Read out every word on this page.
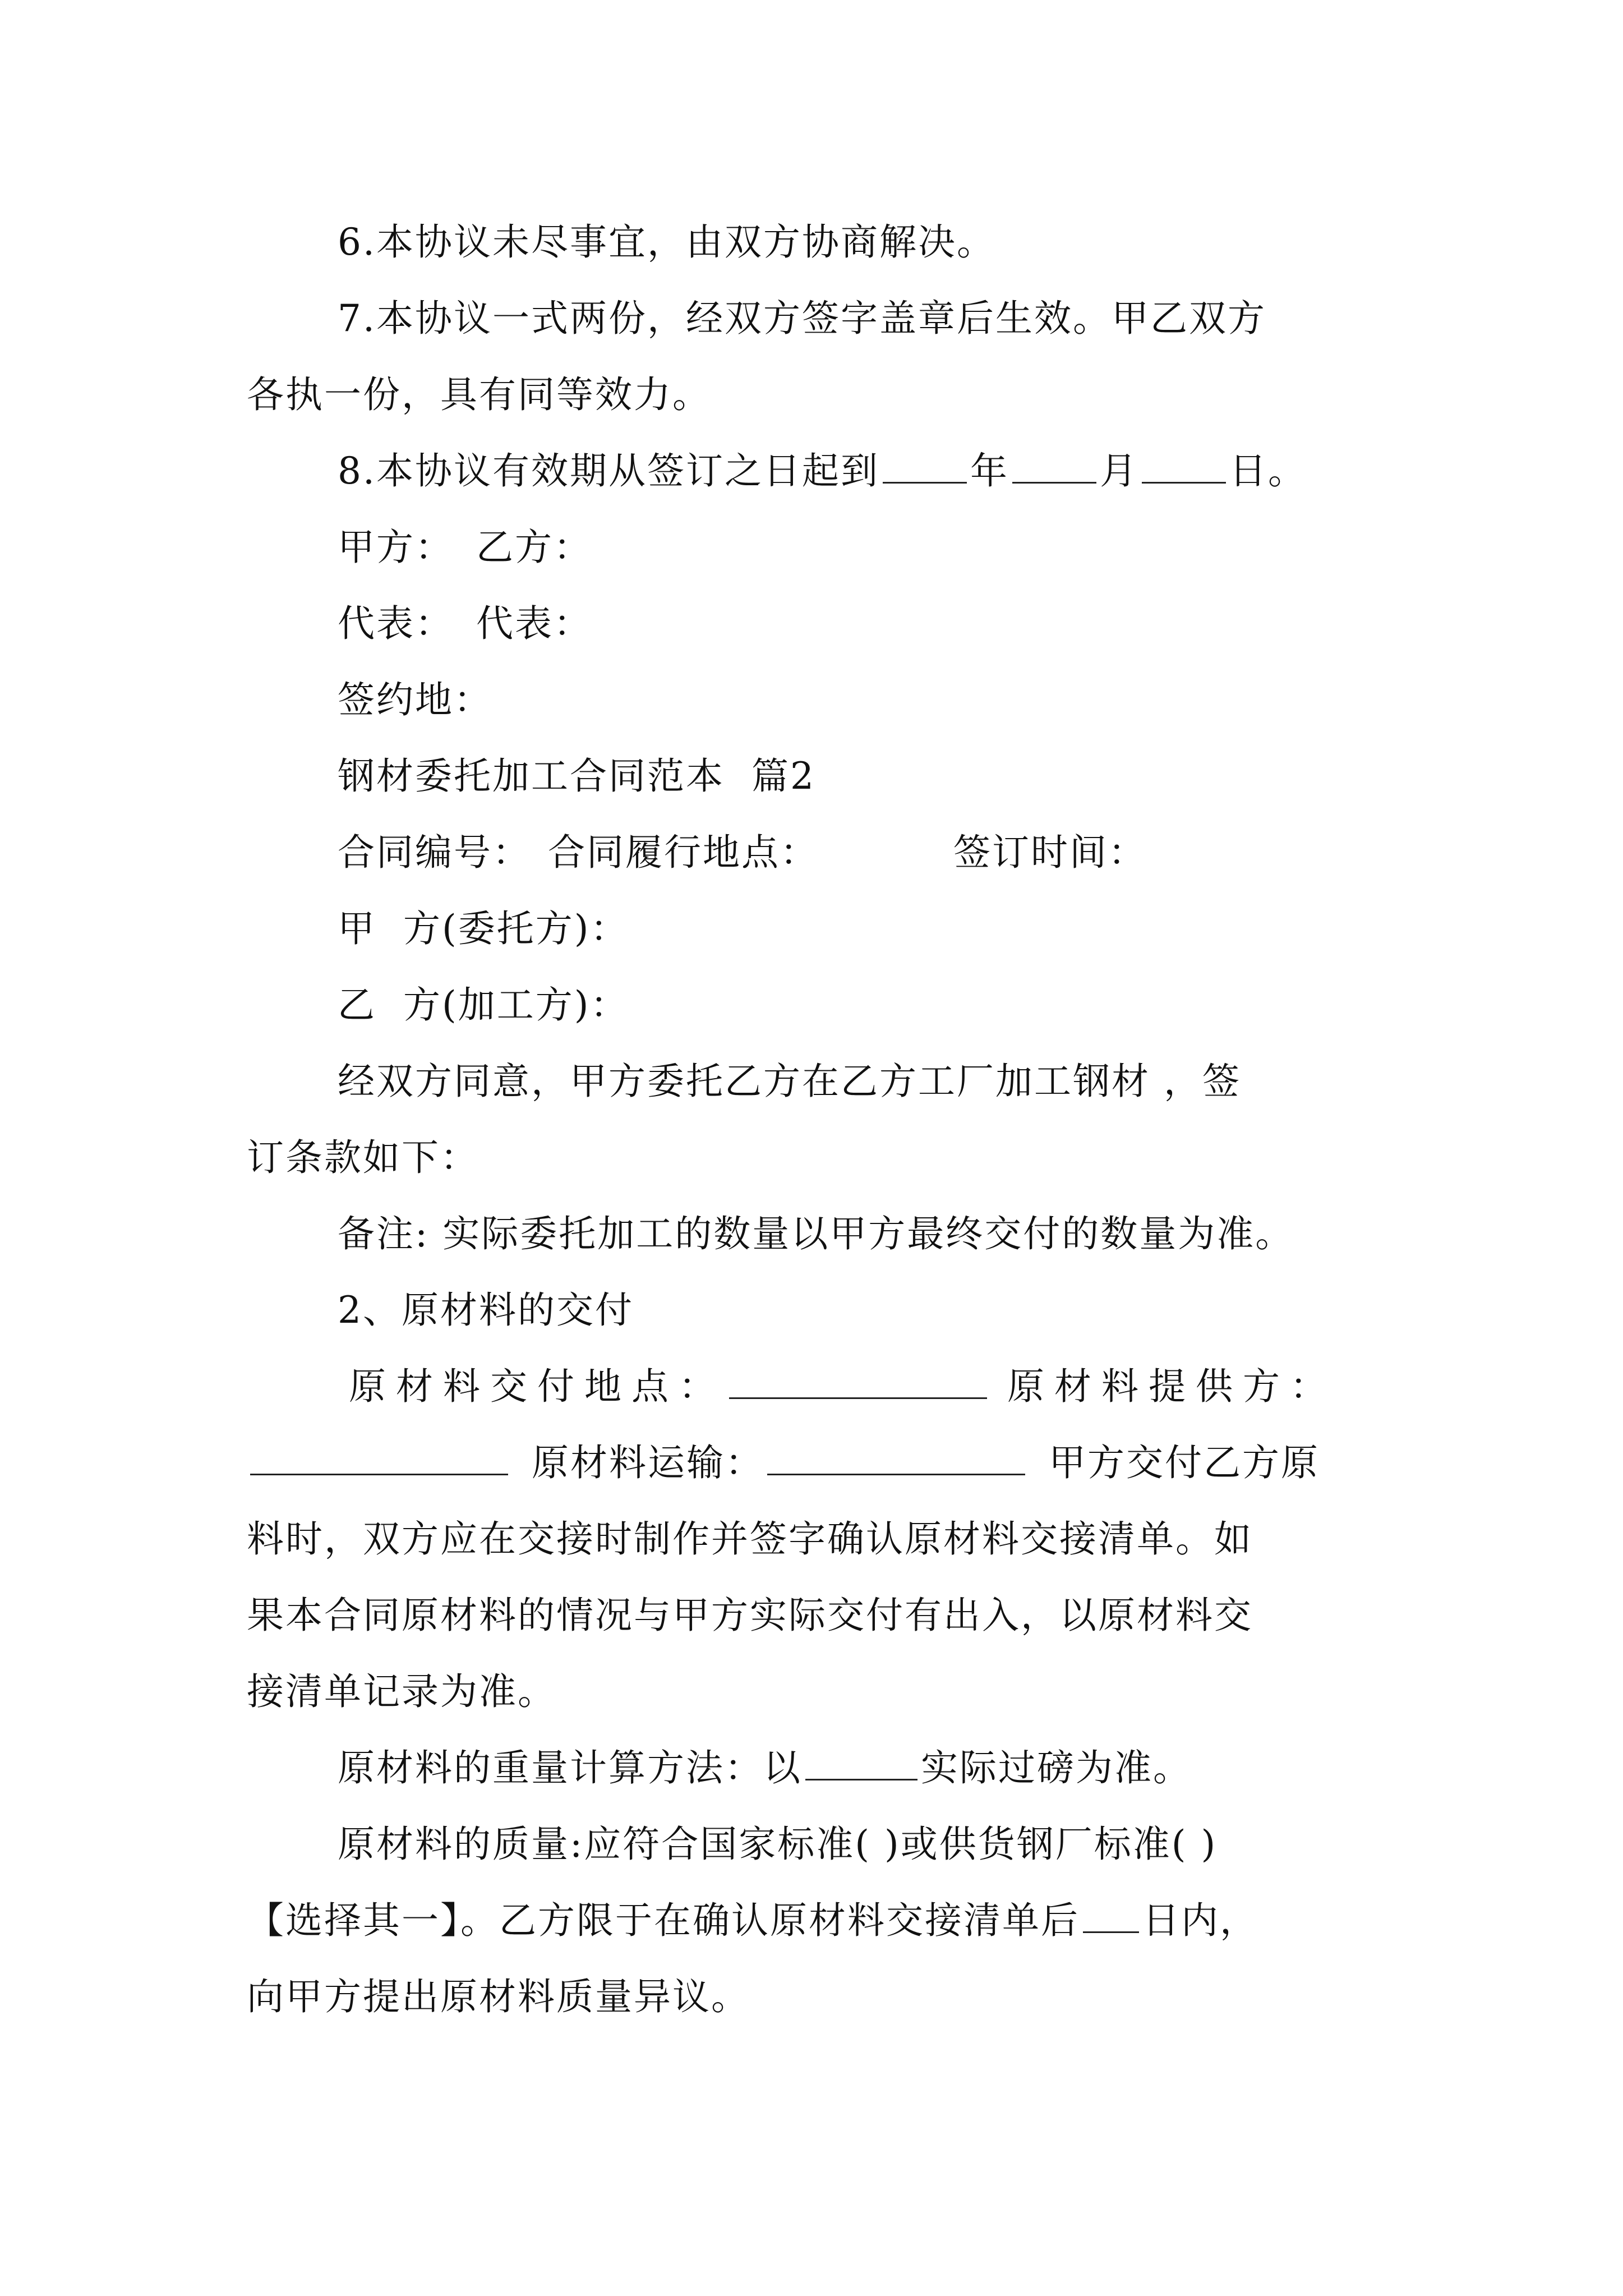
6.本协议未尽事宜，由双方协商解决。
7.本协议一式两份，经双方签字盖章后生效。甲乙双方
各执一份，具有同等效力。
8.本协议有效期从签订之日起到 年 月 日。
甲方： 乙方：
代表： 代表：
签约地：
钢材委托加工合同范本  篇2
合同编号： 合同履行地点：	签订时间：
甲  方(委托方)：
乙  方(加工方)：
经双方同意，甲方委托乙方在乙方工厂加工钢材 ，签
订条款如下：
备注: 实际委托加工的数量以甲方最终交付的数量为准。
2、原材料的交付
原材料交付地点：	原材料提供方：
原材料运输：	甲方交付乙方原
料时，双方应在交接时制作并签字确认原材料交接清单。如
果本合同原材料的情况与甲方实际交付有出入，以原材料交
接清单记录为准。
原材料的重量计算方法：以	实际过磅为准。
原材料的质量:应符合国家标准( )或供货钢厂标准( )
【选择其一】。乙方限于在确认原材料交接清单后 日内，
向甲方提出原材料质量异议。
